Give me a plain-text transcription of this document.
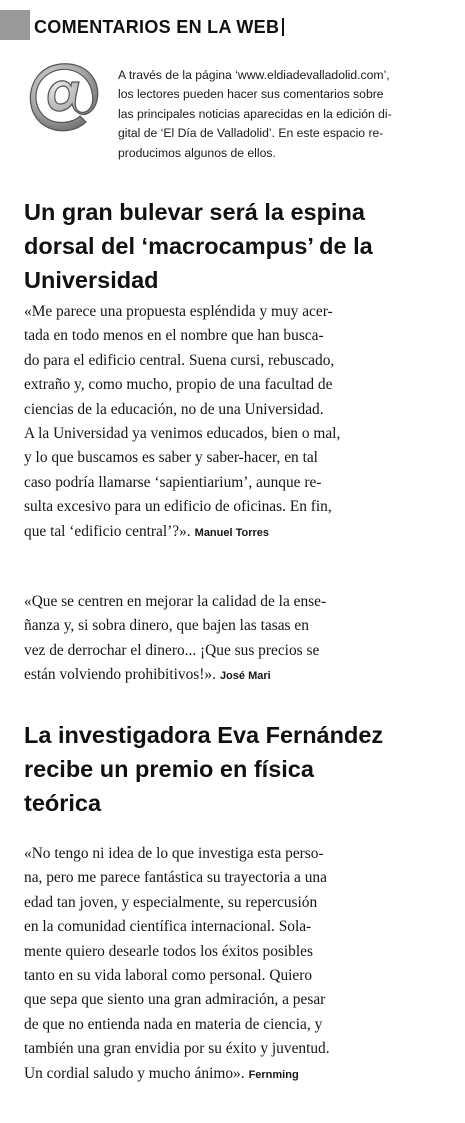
COMENTARIOS EN LA WEB
A través de la página ‘www.eldiadevalladolid.com’,
los lectores pueden hacer sus comentarios sobre
las principales noticias aparecidas en la edición di-
gital de ‘El Día de Valladolid’. En este espacio re-
producimos algunos de ellos.
Un gran bulevar será la espina
dorsal del ‘macrocampus’ de la
Universidad
«Me parece una propuesta espléndida y muy acer-
tada en todo menos en el nombre que han busca-
do para el edificio central. Suena cursi, rebuscado,
extraño y, como mucho, propio de una facultad de
ciencias de la educación, no de una Universidad.
A la Universidad ya venimos educados, bien o mal,
y lo que buscamos es saber y saber-hacer, en tal
caso podría llamarse ‘sapientiarium’, aunque re-
sulta excesivo para un edificio de oficinas. En fin,
que tal ‘edificio central’?». Manuel Torres
«Que se centren en mejorar la calidad de la ense-
ñanza y, si sobra dinero, que bajen las tasas en
vez de derrochar el dinero... ¡Que sus precios se
están volviendo prohibitivos!». José Mari
La investigadora Eva Fernández
recibe un premio en física
teórica
«No tengo ni idea de lo que investiga esta perso-
na, pero me parece fantástica su trayectoria a una
edad tan joven, y especialmente, su repercusión
en la comunidad científica internacional. Sola-
mente quiero desearle todos los éxitos posibles
tanto en su vida laboral como personal. Quiero
que sepa que siento una gran admiración, a pesar
de que no entienda nada en materia de ciencia, y
también una gran envidia por su éxito y juventud.
Un cordial saludo y mucho ánimo». Fernming
